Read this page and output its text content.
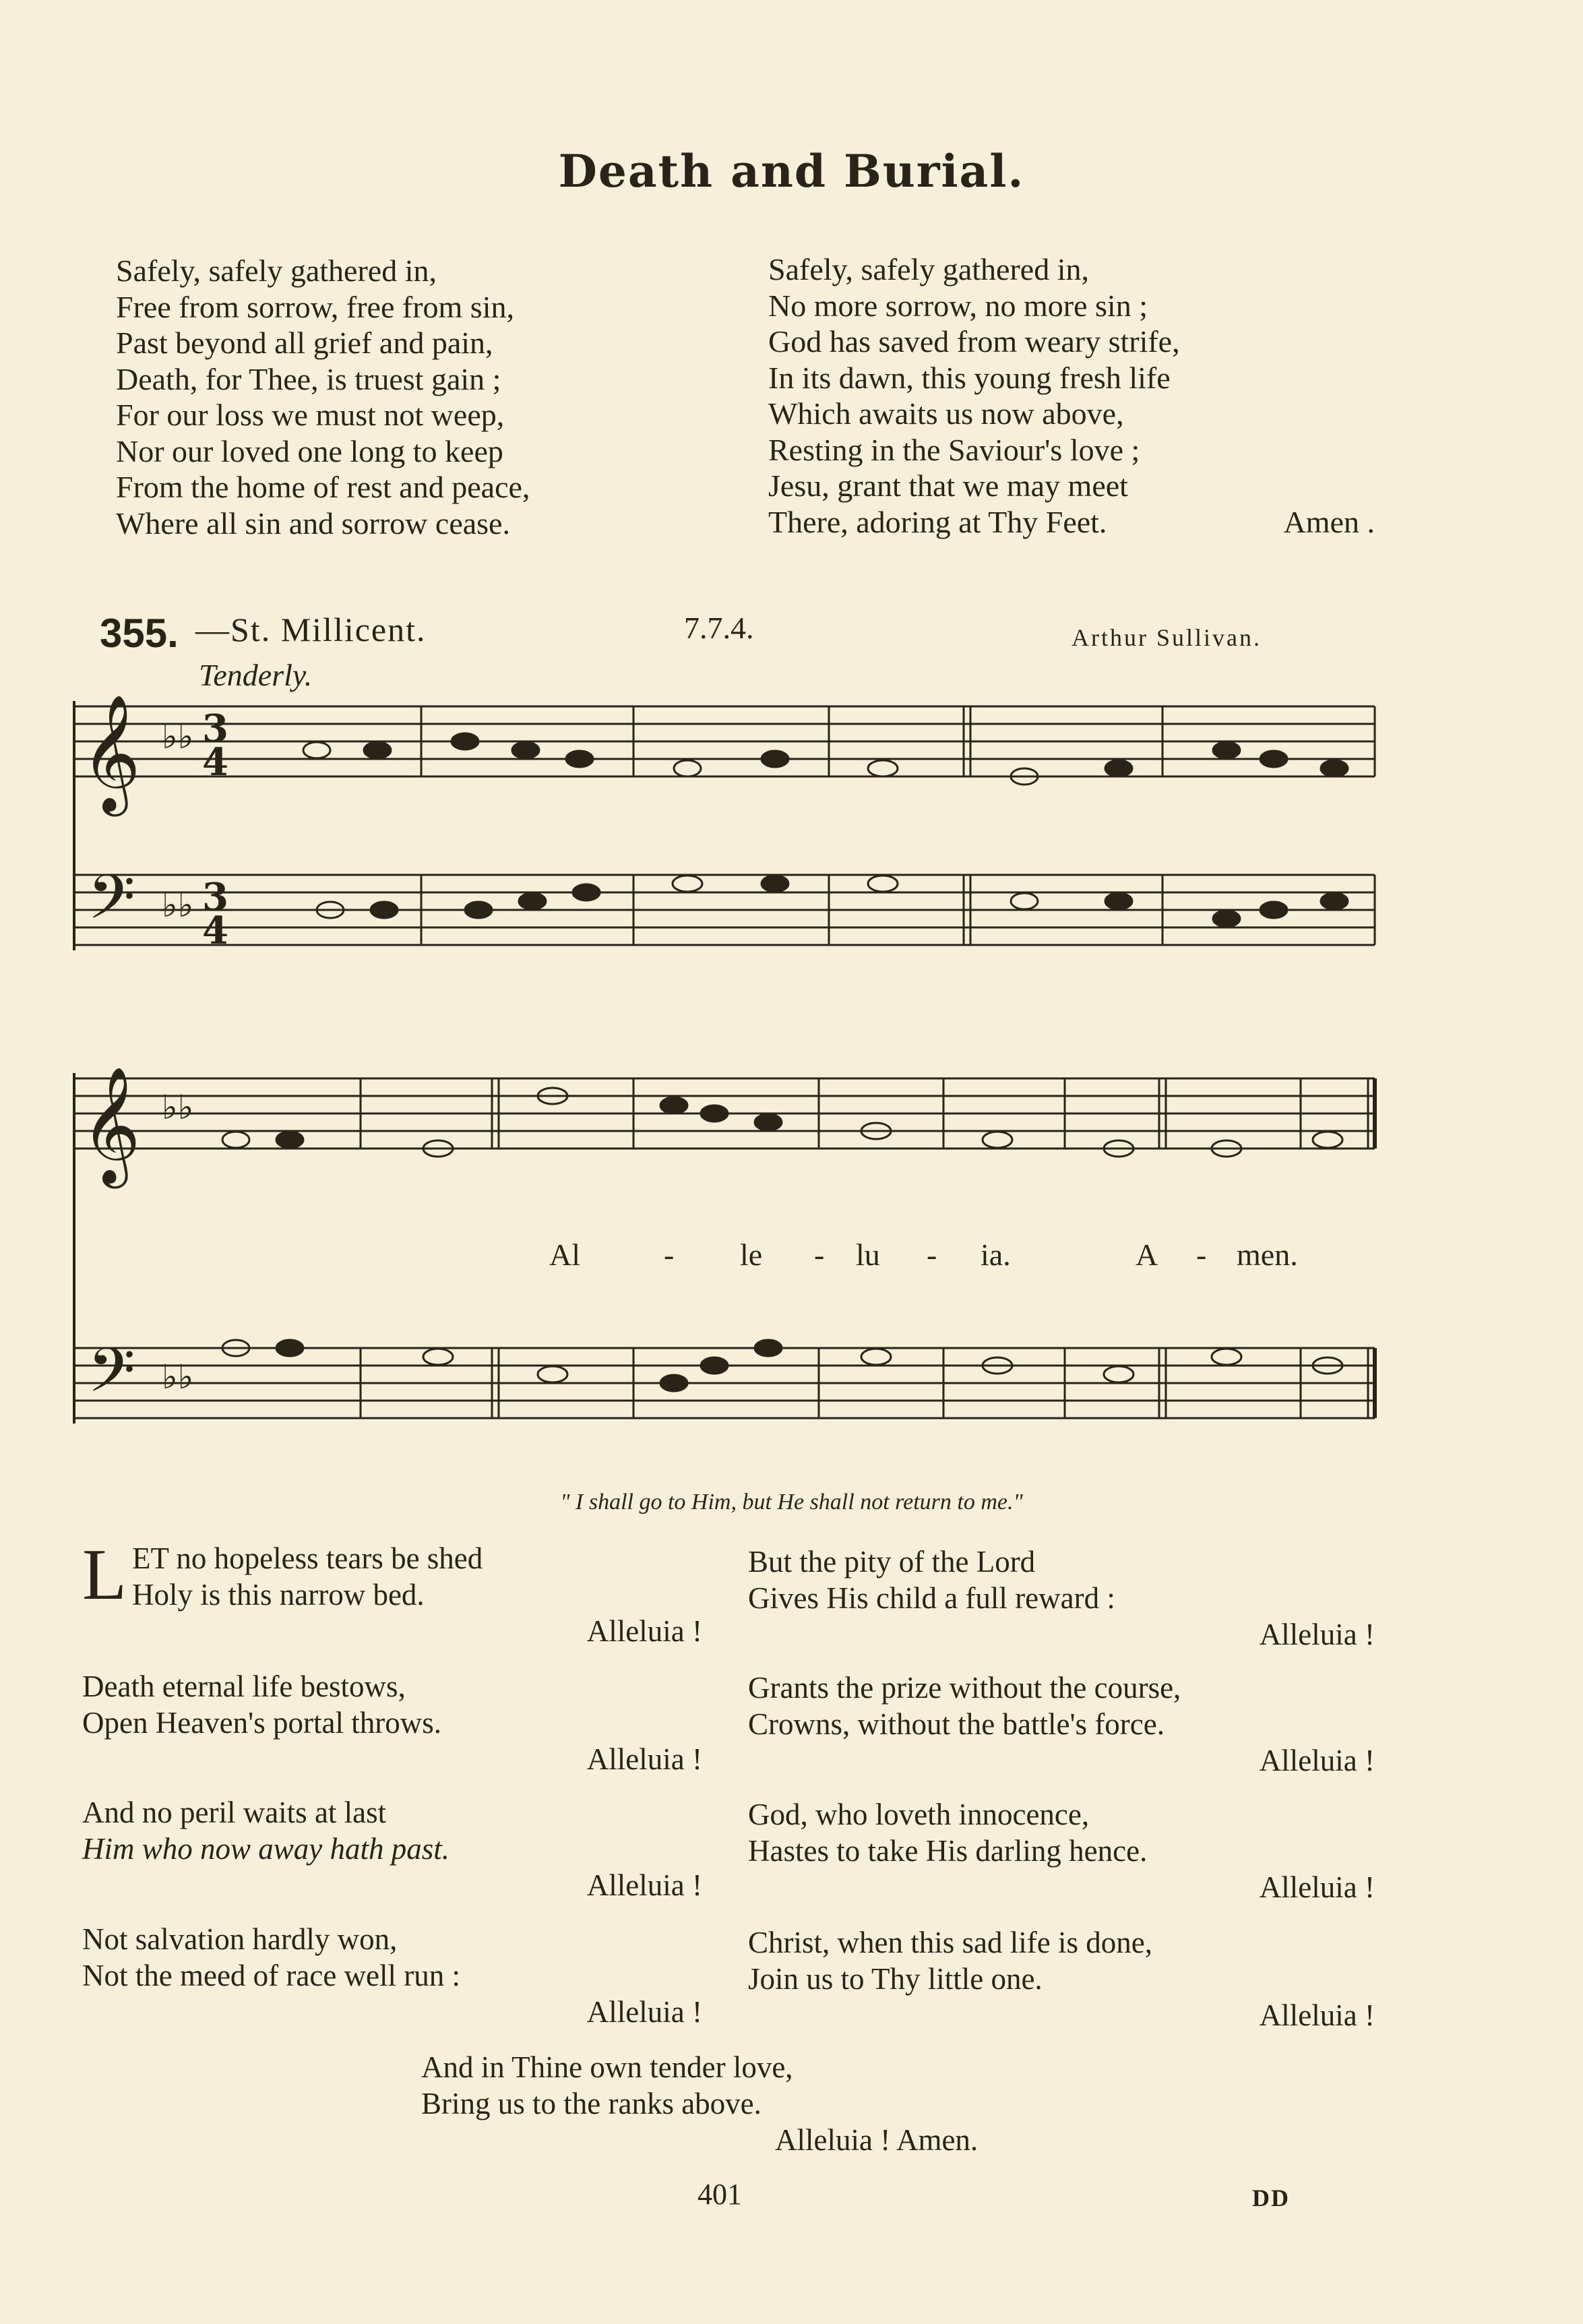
Death and Burial.
Safely, safely gathered in,
Free from sorrow, free from sin,
Past beyond all grief and pain,
Death, for Thee, is truest gain ;
For our loss we must not weep,
Nor our loved one long to keep
From the home of rest and peace,
Where all sin and sorrow cease.
Safely, safely gathered in,
No more sorrow, no more sin ;
God has saved from weary strife,
In its dawn, this young fresh life
Which awaits us now above,
Resting in the Saviour's love ;
Jesu, grant that we may meet
There, adoring at Thy Feet.	Amen .
355. —St. Millicent.	7.7.4.	Arthur Sullivan.
Tenderly.
𝄞
𝄢
♭♭
♭♭
3
4
3
4
𝄞
𝄢
♭♭
♭♭
Al	- le - lu - ia.	A - men.
" I shall go to Him, but He shall not return to me."
L ET no hopeless tears be shed
Holy is this narrow bed.
Alleluia !
Death eternal life bestows,
Open Heaven's portal throws.
Alleluia !
And no peril waits at last
Him who now away hath past.
Alleluia !
Not salvation hardly won,
Not the meed of race well run :
Alleluia !
But the pity of the Lord
Gives His child a full reward :
Alleluia !
Grants the prize without the course,
Crowns, without the battle's force.
Alleluia !
God, who loveth innocence,
Hastes to take His darling hence.
Alleluia !
Christ, when this sad life is done,
Join us to Thy little one.
Alleluia !
And in Thine own tender love,
Bring us to the ranks above.
Alleluia ! Amen.
401	DD
